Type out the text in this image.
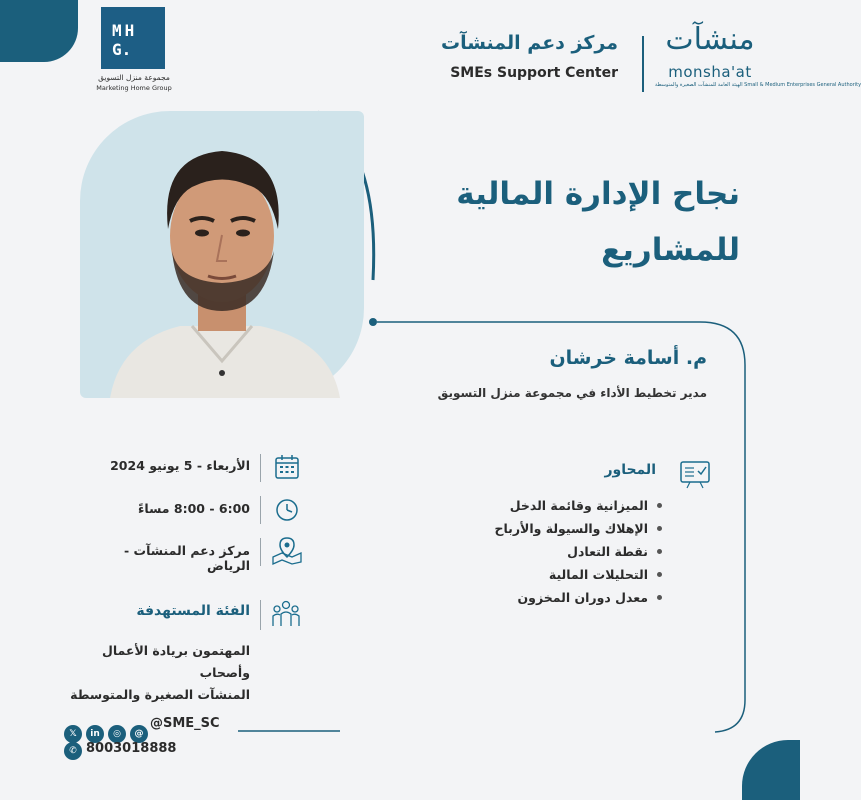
MH
G.
مجموعة منزل التسويق
Marketing Home Group
مركز دعم المنشآت
SMEs Support Center
منشآت
monsha'at
الهيئة العامة للمنشآت الصغيرة والمتوسطة Small & Medium Enterprises General Authority
نجاح الإدارة المالية
للمشاريع
م. أسامة خرشان
مدير تخطيط الأداء في مجموعة منزل التسويق
الأربعاء - 5 يونيو 2024
6:00 - 8:00 مساءً
مركز دعم المنشآت - الرياض
المحاور
الميزانية وقائمة الدخل
الإهلاك والسيولة والأرباح
نقطة التعادل
التحليلات المالية
معدل دوران المخزون
الفئة المستهدفة
المهتمون بريادة الأعمال وأصحاب
المنشآت الصغيرة والمتوسطة
𝕏	in	◎	@
@SME_SC
✆ 8003018888
